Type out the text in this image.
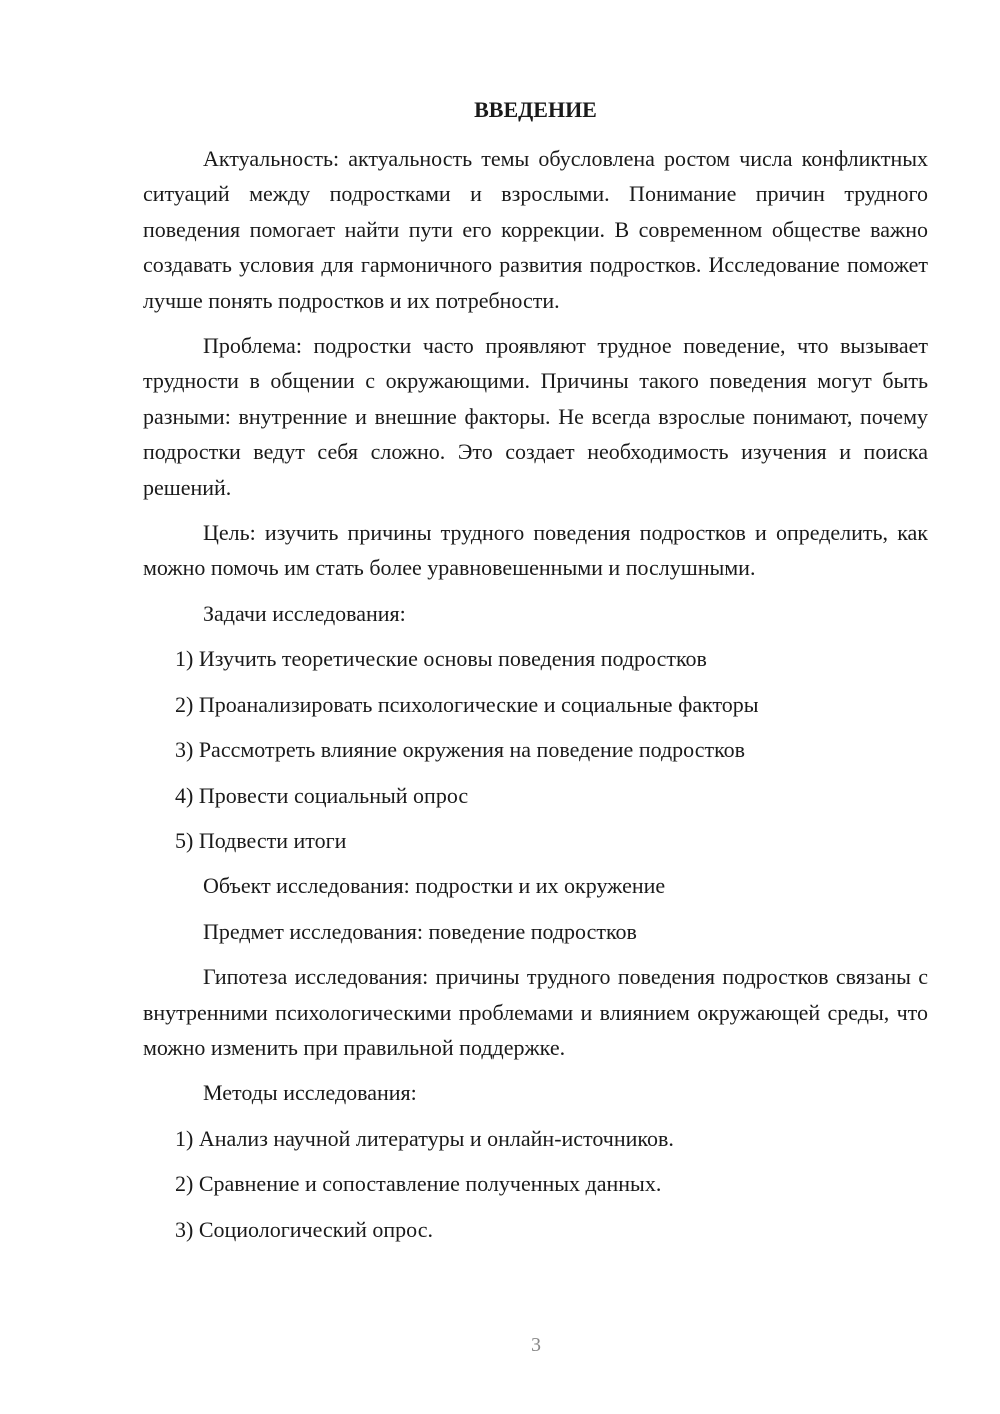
ВВЕДЕНИЕ

Актуальность: актуальность темы обусловлена ростом числа конфликтных ситуаций между подростками и взрослыми. Понимание причин трудного поведения помогает найти пути его коррекции. В современном обществе важно создавать условия для гармоничного развития подростков. Исследование поможет лучше понять подростков и их потребности.

Проблема: подростки часто проявляют трудное поведение, что вызывает трудности в общении с окружающими. Причины такого поведения могут быть разными: внутренние и внешние факторы. Не всегда взрослые понимают, почему подростки ведут себя сложно. Это создает необходимость изучения и поиска решений.

Цель: изучить причины трудного поведения подростков и определить, как можно помочь им стать более уравновешенными и послушными.

Задачи исследования:
1) Изучить теоретические основы поведения подростков
2) Проанализировать психологические и социальные факторы
3) Рассмотреть влияние окружения на поведение подростков
4) Провести социальный опрос
5) Подвести итоги
Объект исследования: подростки и их окружение
Предмет исследования: поведение подростков

Гипотеза исследования: причины трудного поведения подростков связаны с внутренними психологическими проблемами и влиянием окружающей среды, что можно изменить при правильной поддержке.

Методы исследования:
1) Анализ научной литературы и онлайн-источников.
2) Сравнение и сопоставление полученных данных.
3) Социологический опрос.
3
